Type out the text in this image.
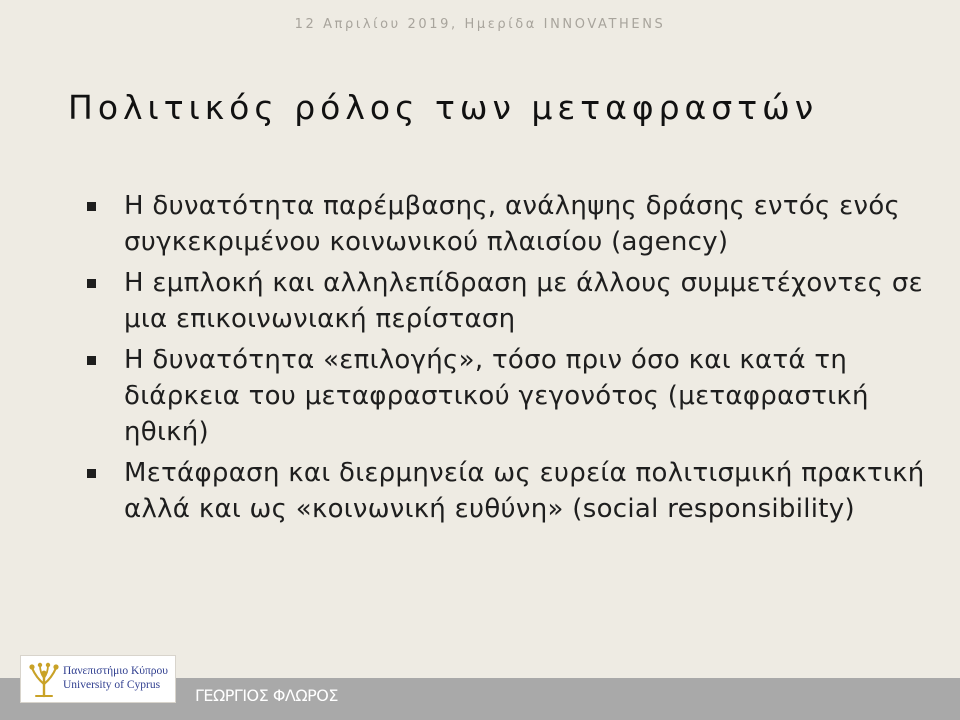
12 Απριλίου 2019, Ημερίδα INNOVATHENS
Πολιτικός ρόλος των μεταφραστών
Η δυνατότητα παρέμβασης, ανάληψης δράσης εντός ενός συγκεκριμένου κοινωνικού πλαισίου (agency)
Η εμπλοκή και αλληλεπίδραση με άλλους συμμετέχοντες σε μια επικοινωνιακή περίσταση
Η δυνατότητα «επιλογής», τόσο πριν όσο και κατά τη διάρκεια του μεταφραστικού γεγονότος (μεταφραστική ηθική)
Μετάφραση και διερμηνεία ως ευρεία πολιτισμική πρακτική αλλά και ως «κοινωνική ευθύνη» (social responsibility)
ΓΕΩΡΓΙΟΣ ΦΛΩΡΟΣ
Πανεπιστήμιο Κύπρου
University of Cyprus
